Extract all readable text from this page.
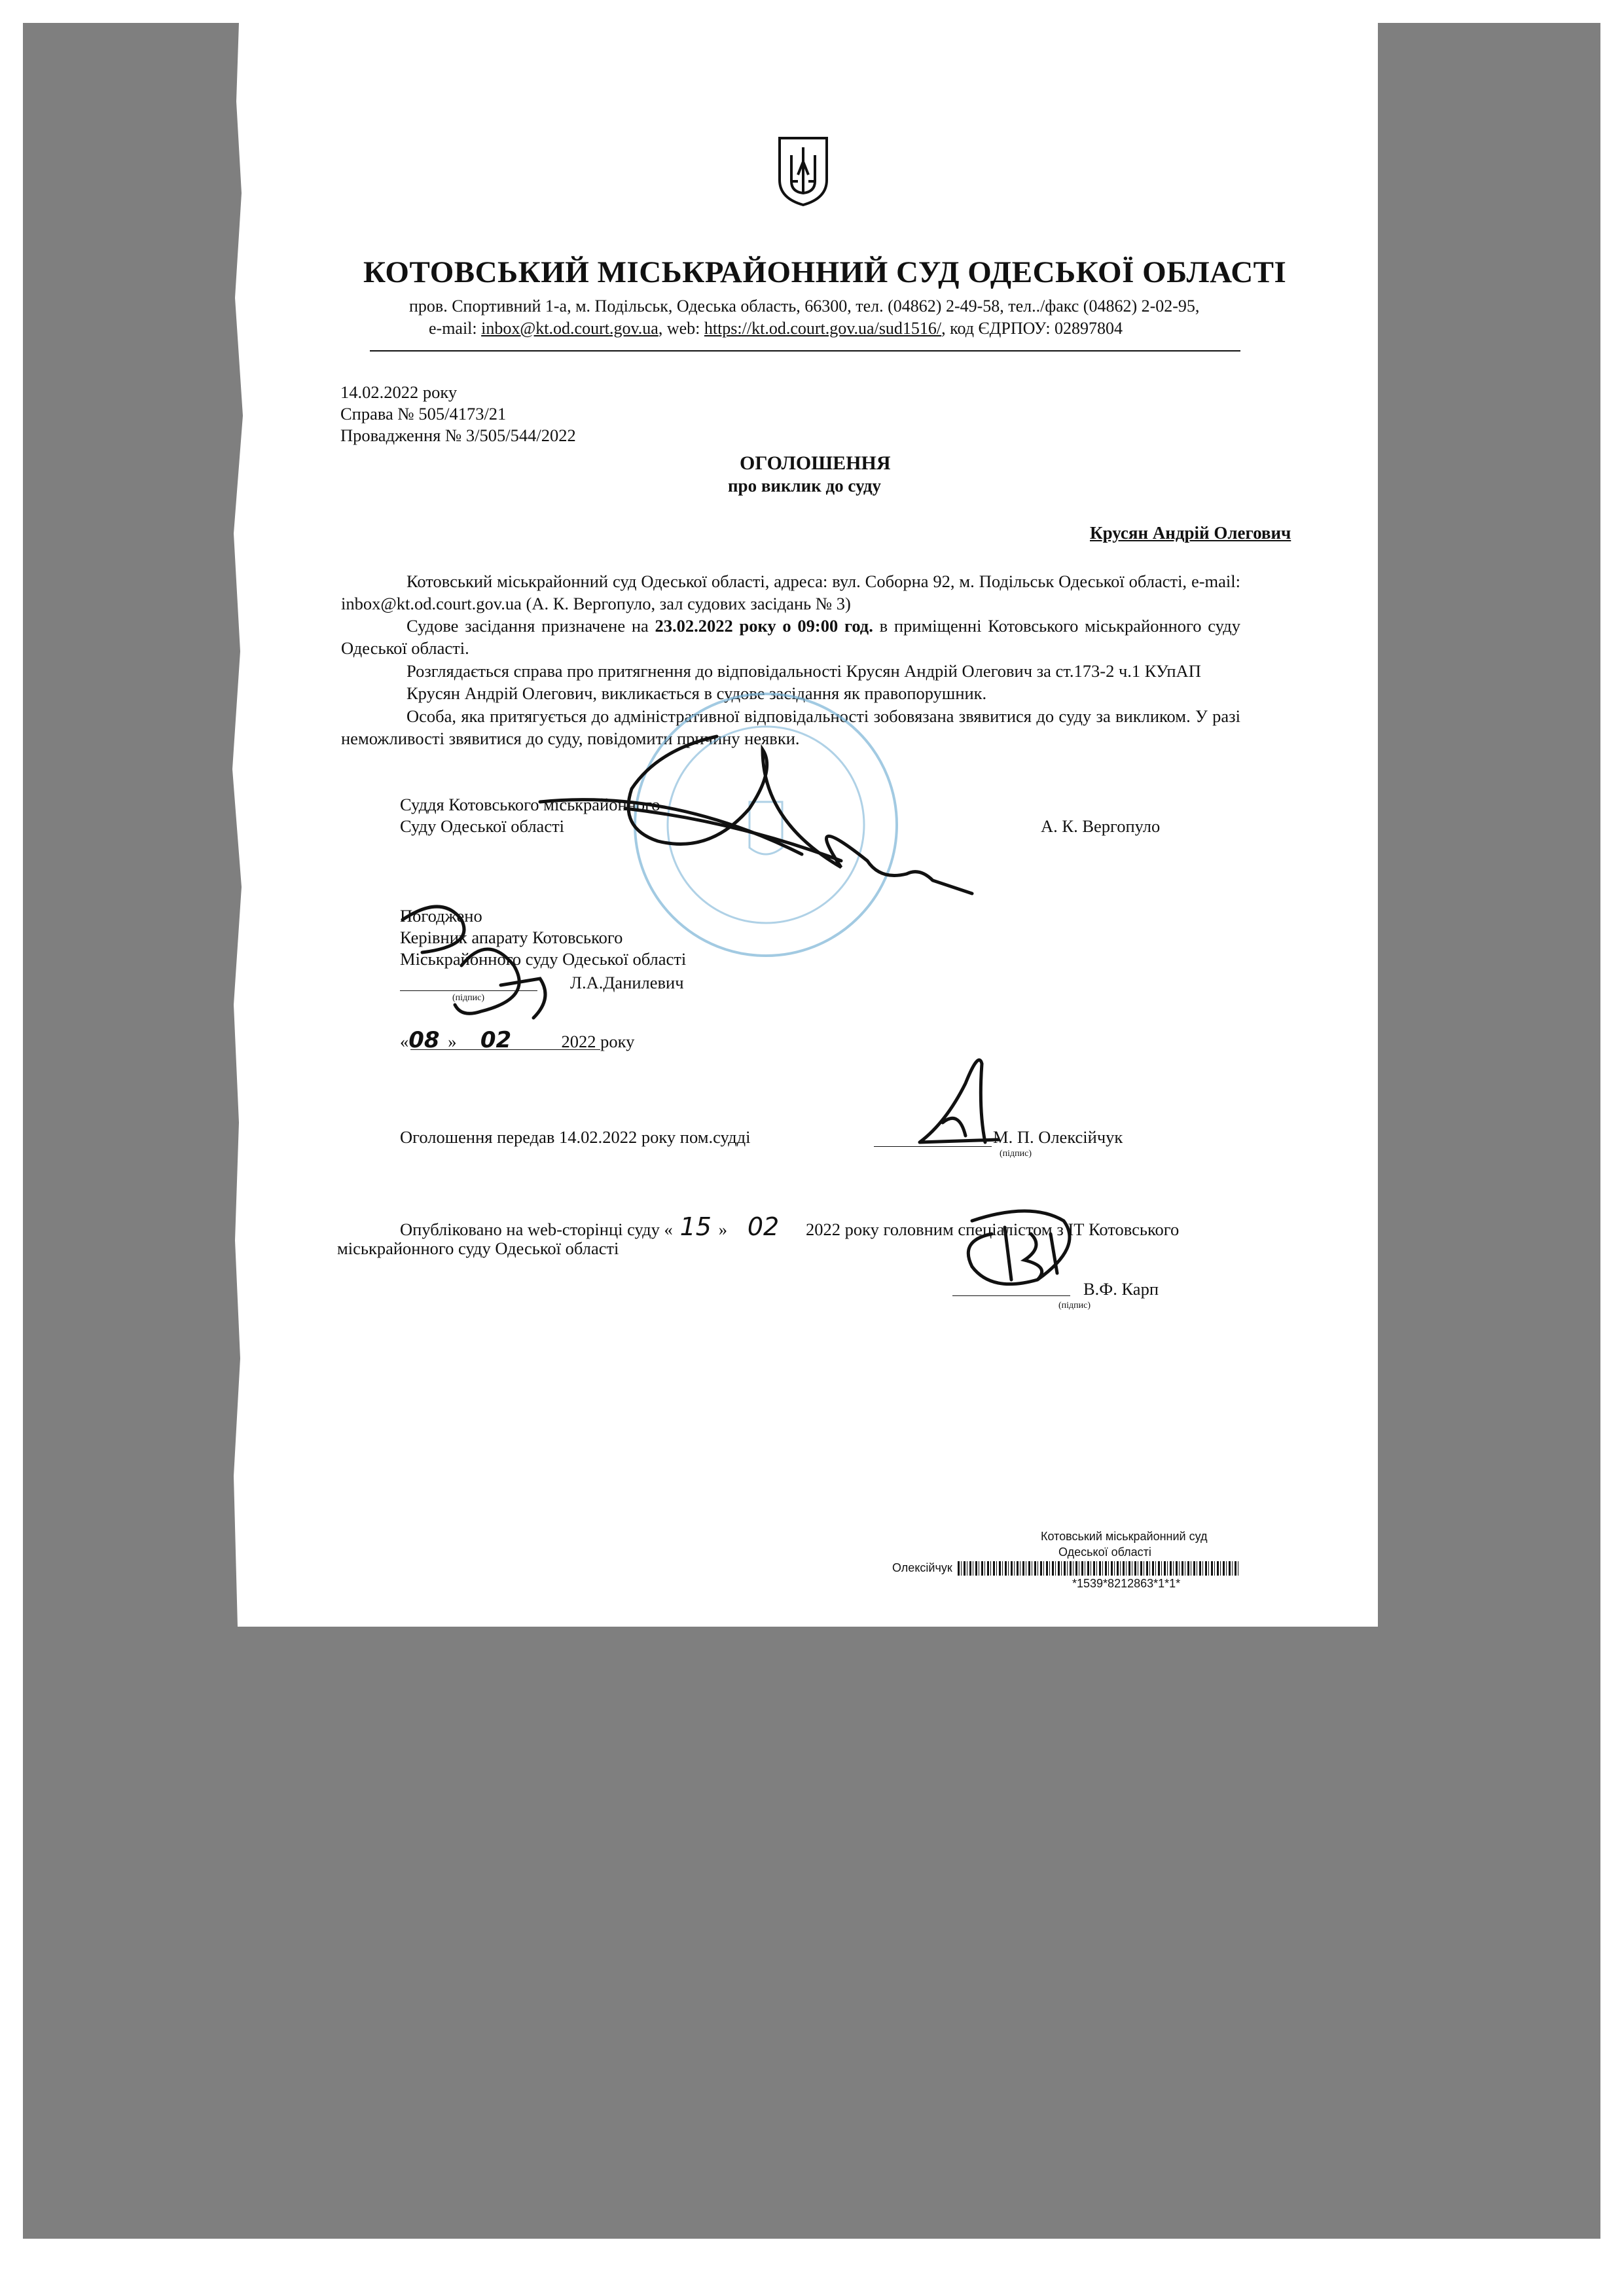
КОТОВСЬКИЙ МІСЬКРАЙОННИЙ СУД ОДЕСЬКОЇ ОБЛАСТІ
пров. Спортивний 1-а, м. Подільськ, Одеська область, 66300, тел. (04862) 2-49-58, тел../факс (04862) 2-02-95,
e-mail: inbox@kt.od.court.gov.ua, web: https://kt.od.court.gov.ua/sud1516/, код ЄДРПОУ: 02897804
14.02.2022 року
Справа № 505/4173/21
Провадження № 3/505/544/2022
ОГОЛОШЕННЯ
про виклик до суду
Крусян Андрій Олегович
Котовський міськрайонний суд Одеської області, адреса: вул. Соборна 92, м. Подільськ Одеської області, e-mail: inbox@kt.od.court.gov.ua (А. К. Вергопуло, зал судових засідань № 3)
Судове засідання призначене на 23.02.2022 року о 09:00 год. в приміщенні Котовського міськрайонного суду Одеської області.
Розглядається справа про притягнення до відповідальності Крусян Андрій Олегович за ст.173-2 ч.1 КУпАП
Крусян Андрій Олегович, викликається в судове засідання як правопорушник.
Особа, яка притягується до адміністративної відповідальності зобовязана звявитися до суду за викликом. У разі неможливості звявитися до суду, повідомити причину неявки.
Суддя Котовського міськрайонного
Суду Одеської області	А. К. Вергопуло
Погоджено
Керівник апарату Котовського
Міськрайонного суду Одеської області
Л.А.Данилевич
(підпис)
«08 » 02	2022 року
Оголошення передав 14.02.2022 року пом.судді	М. П. Олексійчук
(підпис)
Опубліковано на web-сторінці суду « 15 » 02 2022 року головним спеціалістом з ІТ Котовського
міськрайонного суду Одеської області
В.Ф. Карп
(підпис)
Котовський міськрайонний суд
Одеської області
Олексійчук
*1539*8212863*1*1*
